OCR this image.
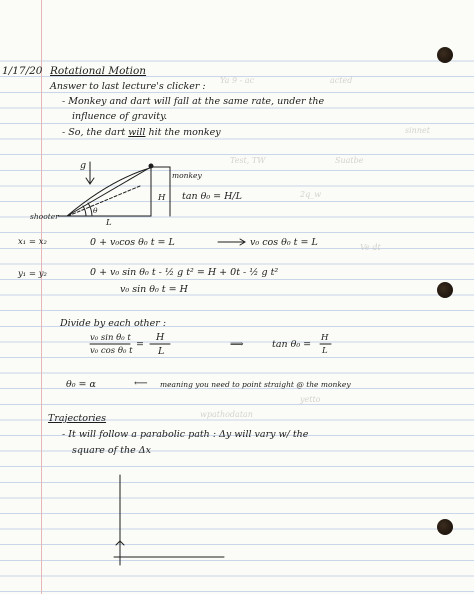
Ya 9 - ac	acted
Test, TW	Suatbe
sinnet
2q_w
Ve dt
yetto
wpathodatan
1/17/20 Rotational Motion
Answer to last lecture's clicker :
- Monkey and dart will fall at the same rate, under the
influence of gravity.
- So, the dart will hit the monkey
g
monkey
shooter
θ
L
H tan θ₀ = H/L
x₁ = x₂	0 + v₀cos θ₀ t = L	v₀ cos θ₀ t = L
y₁ = y₂	0 + v₀ sin θ₀ t - ½ g t² = H + 0t - ½ g t²
v₀ sin θ₀ t = H
Divide by each other :
v₀ sin θ₀ t
v₀ cos θ₀ t
=
H
L
⟹	tan θ₀ =
H
L
θ₀ = α	⟵ meaning you need to point straight @ the monkey
Trajectories
- It will follow a parabolic path : Δy will vary w/ the
square of the Δx
